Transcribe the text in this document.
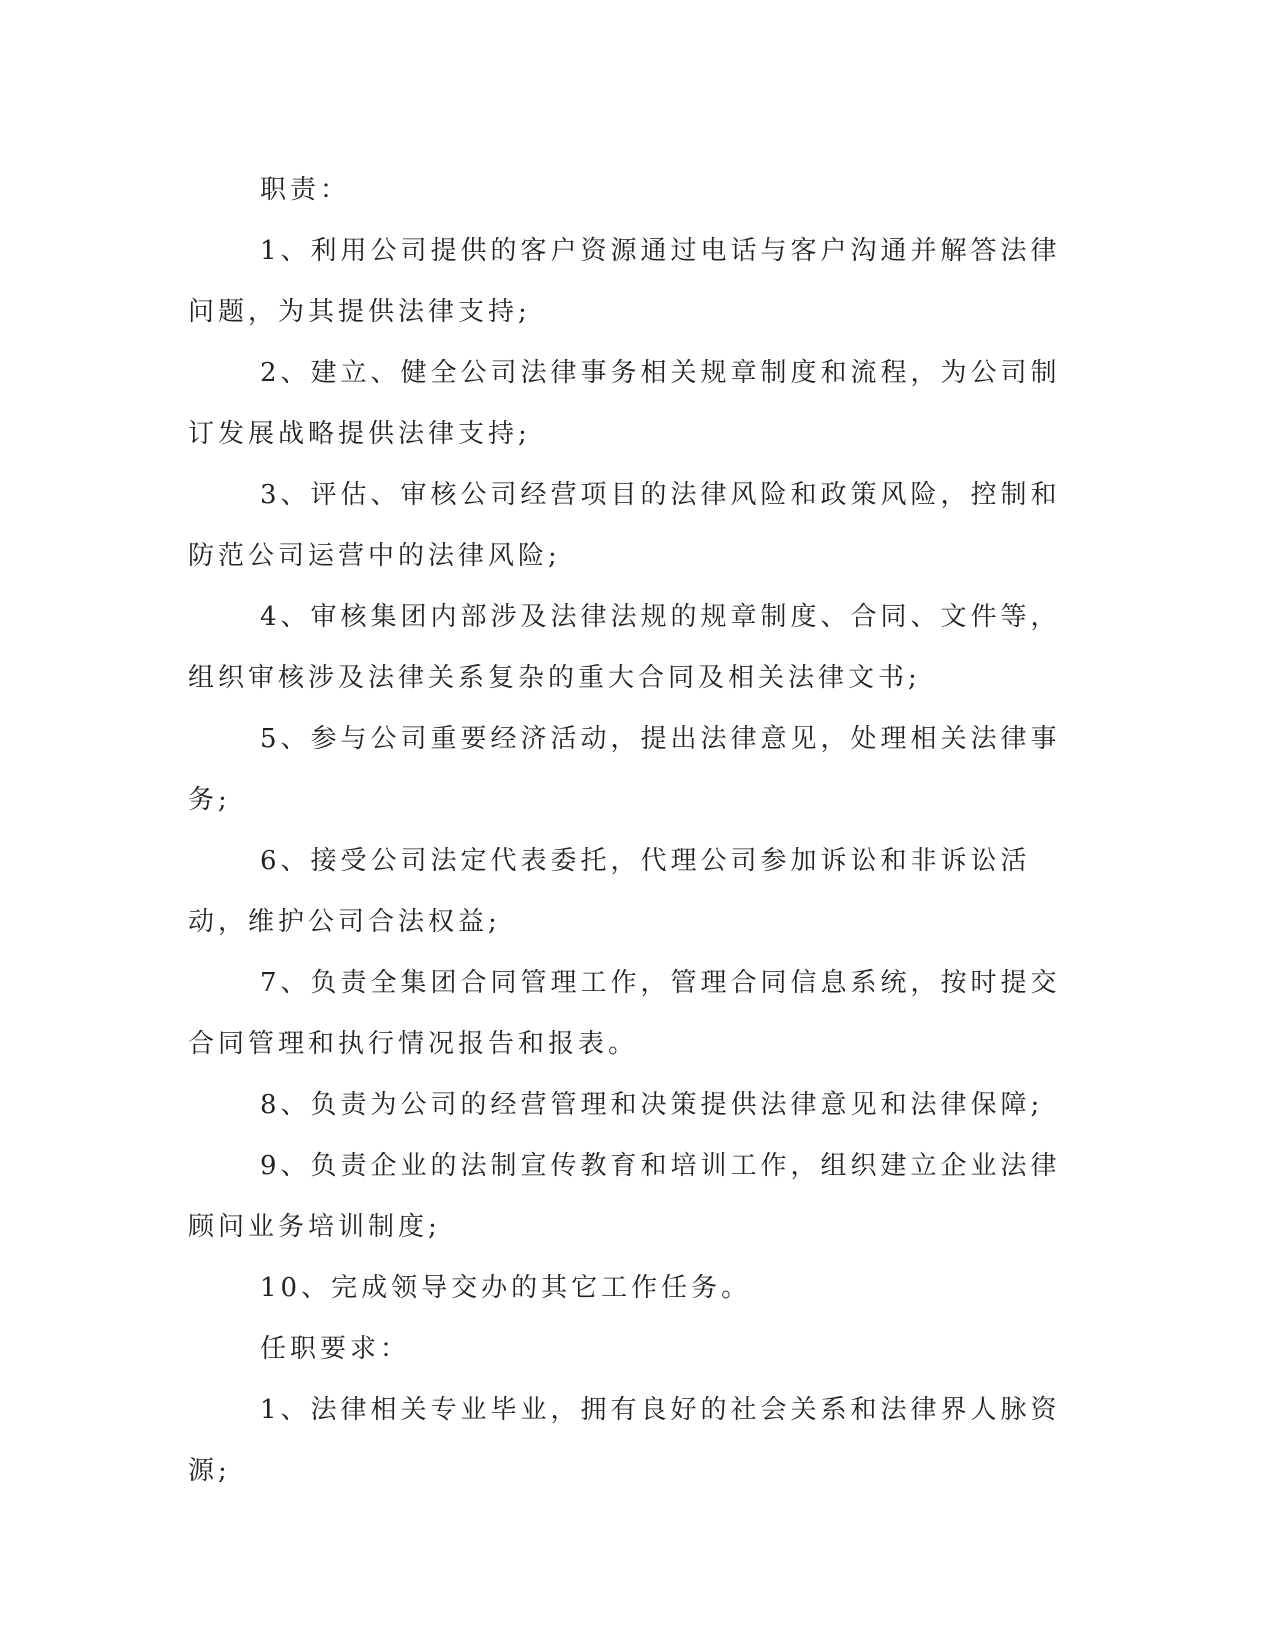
职责：

1、利用公司提供的客户资源通过电话与客户沟通并解答法律问题，为其提供法律支持;

2、建立、健全公司法律事务相关规章制度和流程，为公司制订发展战略提供法律支持;

3、评估、审核公司经营项目的法律风险和政策风险，控制和防范公司运营中的法律风险;

4、审核集团内部涉及法律法规的规章制度、合同、文件等，组织审核涉及法律关系复杂的重大合同及相关法律文书;

5、参与公司重要经济活动，提出法律意见，处理相关法律事务;

6、接受公司法定代表委托，代理公司参加诉讼和非诉讼活动，维护公司合法权益;

7、负责全集团合同管理工作，管理合同信息系统，按时提交合同管理和执行情况报告和报表。

8、负责为公司的经营管理和决策提供法律意见和法律保障;

9、负责企业的法制宣传教育和培训工作，组织建立企业法律顾问业务培训制度;

10、完成领导交办的其它工作任务。

任职要求：

1、法律相关专业毕业，拥有良好的社会关系和法律界人脉资源;
